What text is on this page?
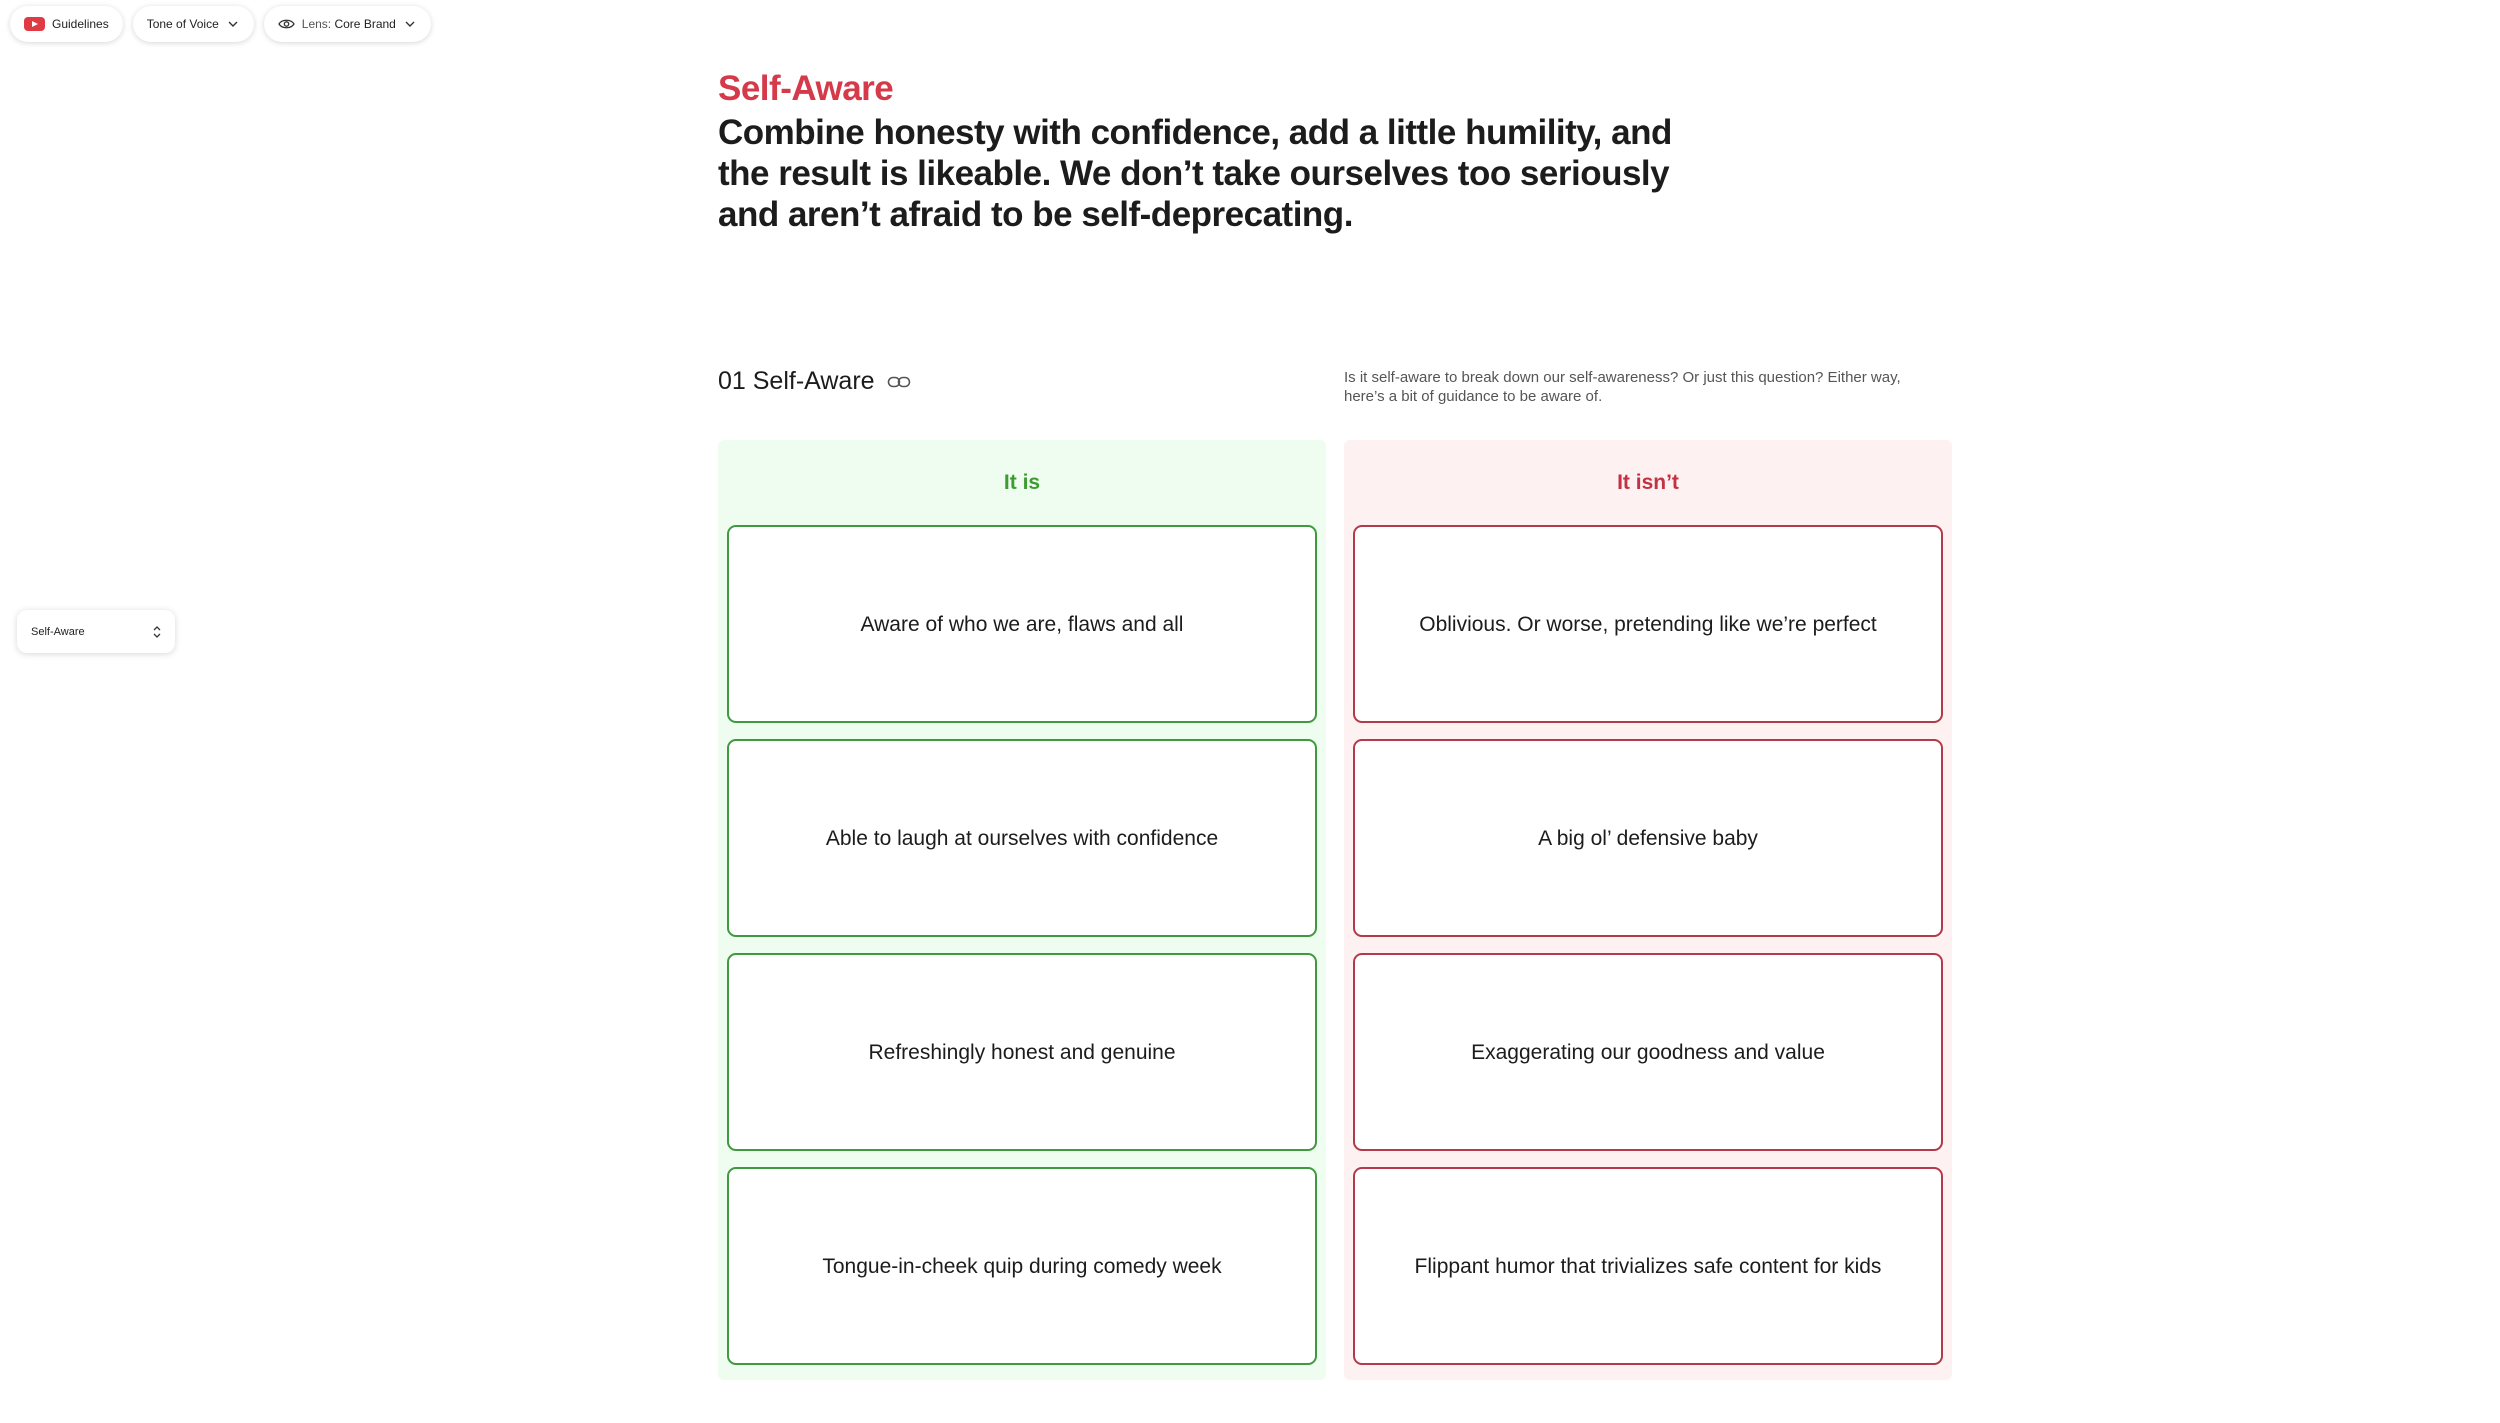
Guidelines	Tone of Voice	Lens: Core Brand
Self-Aware
Self-Aware
Combine honesty with confidence, add a little humility, and the result is likeable. We don’t take ourselves too seriously and aren’t afraid to be self-deprecating.
01 Self-Aware	Is it self-aware to break down our self-awareness? Or just this question? Either way, here’s a bit of guidance to be aware of.
It is
Aware of who we are, flaws and all
Able to laugh at ourselves with confidence
Refreshingly honest and genuine
Tongue-in-cheek quip during comedy week
It isn’t
Oblivious. Or worse, pretending like we’re perfect
A big ol’ defensive baby
Exaggerating our goodness and value
Flippant humor that trivializes safe content for kids
